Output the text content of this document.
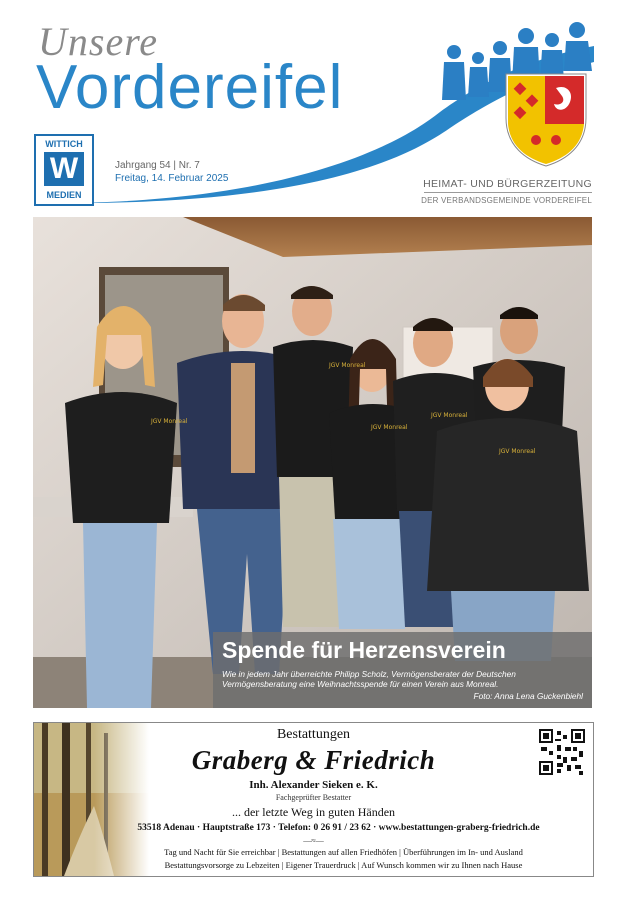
Unsere
Vordereifel
WITTICH
W
MEDIEN
Jahrgang 54 | Nr. 7
Freitag, 14. Februar 2025	HEIMAT- UND BÜRGERZEITUNG
DER VERBANDSGEMEINDE VORDEREIFEL
JGV Monreal
JGV Monreal
JGV Monreal
JGV Monreal
JGV Monreal
Spende für Herzensverein
Wie in jedem Jahr überreichte Philipp Scholz, Vermögensberater der Deutschen Vermögensberatung eine Weihnachtsspende für einen Verein aus Monreal.
Foto: Anna Lena Guckenbiehl
Bestattungen
Graberg & Friedrich
Inh. Alexander Sieken e. K.
Fachgeprüfter Bestatter
... der letzte Weg in guten Händen
53518 Adenau · Hauptstraße 173 · Telefon: 0 26 91 / 23 62 · www.bestattungen-graberg-friedrich.de
—≈—
Tag und Nacht für Sie erreichbar | Bestattungen auf allen Friedhöfen | Überführungen im In- und Ausland
Bestattungsvorsorge zu Lebzeiten | Eigener Trauerdruck | Auf Wunsch kommen wir zu Ihnen nach Hause
